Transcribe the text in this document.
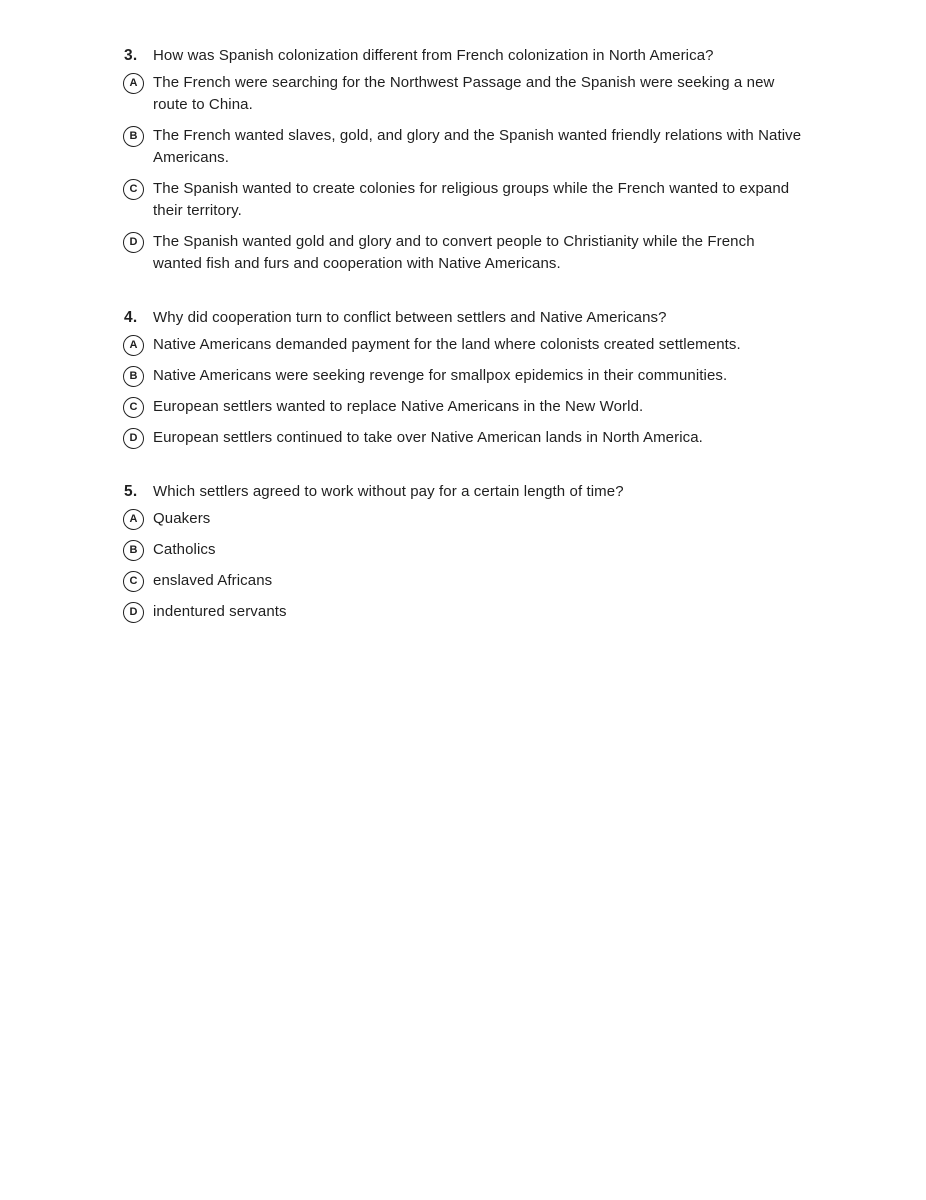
3.	How was Spanish colonization different from French colonization in North America?
A The French were searching for the Northwest Passage and the Spanish were seeking a new route to China.
B The French wanted slaves, gold, and glory and the Spanish wanted friendly relations with Native Americans.
C The Spanish wanted to create colonies for religious groups while the French wanted to expand their territory.
D The Spanish wanted gold and glory and to convert people to Christianity while the French wanted fish and furs and cooperation with Native Americans.
4.	Why did cooperation turn to conflict between settlers and Native Americans?
A Native Americans demanded payment for the land where colonists created settlements.
B Native Americans were seeking revenge for smallpox epidemics in their communities.
C European settlers wanted to replace Native Americans in the New World.
D European settlers continued to take over Native American lands in North America.
5.	Which settlers agreed to work without pay for a certain length of time?
A Quakers
B Catholics
C enslaved Africans
D indentured servants
